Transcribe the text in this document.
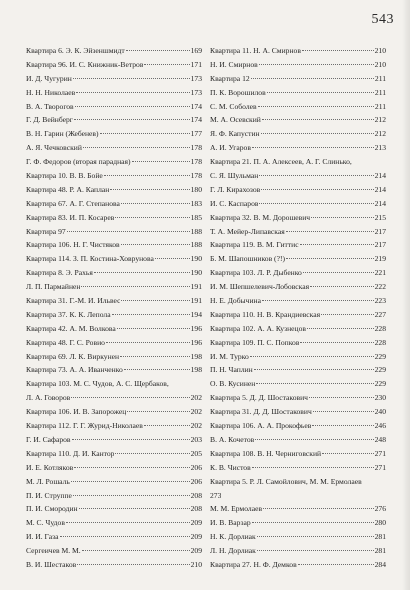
543
Квартира 6. Э. К. Эйзеншмидт	169
Квартира 96. И. С. Книжник-Ветров	171
И. Д. Чугурин	173
Н. Н. Николаев	173
В. А. Творогов	174
Г. Д. Вейнберг	174
В. Н. Гарин (Жебенев)	177
А. Я. Чечковский	178
Г. Ф. Федоров (вторая парадная)	178
Квартира 10. В. В. Бойе	178
Квартира 48. Р. А. Каплан	180
Квартира 67. А. Г. Степанова	183
Квартира 83. И. П. Косарев	185
Квартира 97	188
Квартира 106. Н. Г. Чистяков	188
Квартира 114. З. П. Костина-Ховрунова	190
Квартира 8. Э. Рахья	190
Л. П. Пармайнен	191
Квартира 31. Г.-М. И. Ильвес	191
Квартира 37. К. К. Лепола	194
Квартира 42. А. М. Волкова	196
Квартира 48. Г. С. Ровио	196
Квартира 69. Л. К. Виркунен	198
Квартира 73. А. А. Иванченко	198
Квартира 103. М. С. Чудов, А. С. Щербаков,
Л. А. Говоров	202
Квартира 106. И. В. Запорожец	202
Квартира 112. Г. Г. Журид-Николаев	202
Г. И. Сафаров	203
Квартира 110. Д. И. Кантор	205
И. Е. Котляков	206
М. Л. Рошаль	206
П. И. Струппе	208
П. И. Смородин	208
М. С. Чудов	209
И. И. Газа	209
Сергеичев М. М.	209
В. И. Шестаков	210
Квартира 11. Н. А. Смирнов	210
Н. И. Смирнов	210
Квартира 12	211
П. К. Ворошилов	211
С. М. Соболев	211
М. А. Осевский	212
Я. Ф. Капустин	212
А. И. Угаров	213
Квартира 21. П. А. Алексеев, А. Г. Слинько,
С. Я. Шульман	214
Г. Л. Кирахозов	214
И. С. Каспаров	214
Квартира 32. В. М. Дорошевич	215
Т. А. Мейер-Липавская	217
Квартира 119. В. М. Гиттис	217
Б. М. Шапошников (?!)	219
Квартира 103. Л. Р. Дыбенко	221
И. М. Шепшелевич-Лобовская	222
Н. Е. Добычина	223
Квартира 110. Н. В. Крандиевская	227
Квартира 102. А. А. Кузнецов	228
Квартира 109. П. С. Попков	228
И. М. Турко	229
П. Н. Чаплин	229
О. В. Кусинен	229
Квартира 5. Д. Д. Шостакович	230
Квартира 31. Д. Д. Шостакович	240
Квартира 106. А. А. Прокофьев	246
В. А. Кочетов	248
Квартира 108. В. Н. Черниговский	271
К. В. Чистов	271
Квартира 5. Р. Л. Самойлович, М. М. Ермолаев
273
М. М. Ермолаев	276
И. В. Варзар	280
Н. К. Дорлиак	281
Л. Н. Дорлиак	281
Квартира 27. Н. Ф. Демков	284
